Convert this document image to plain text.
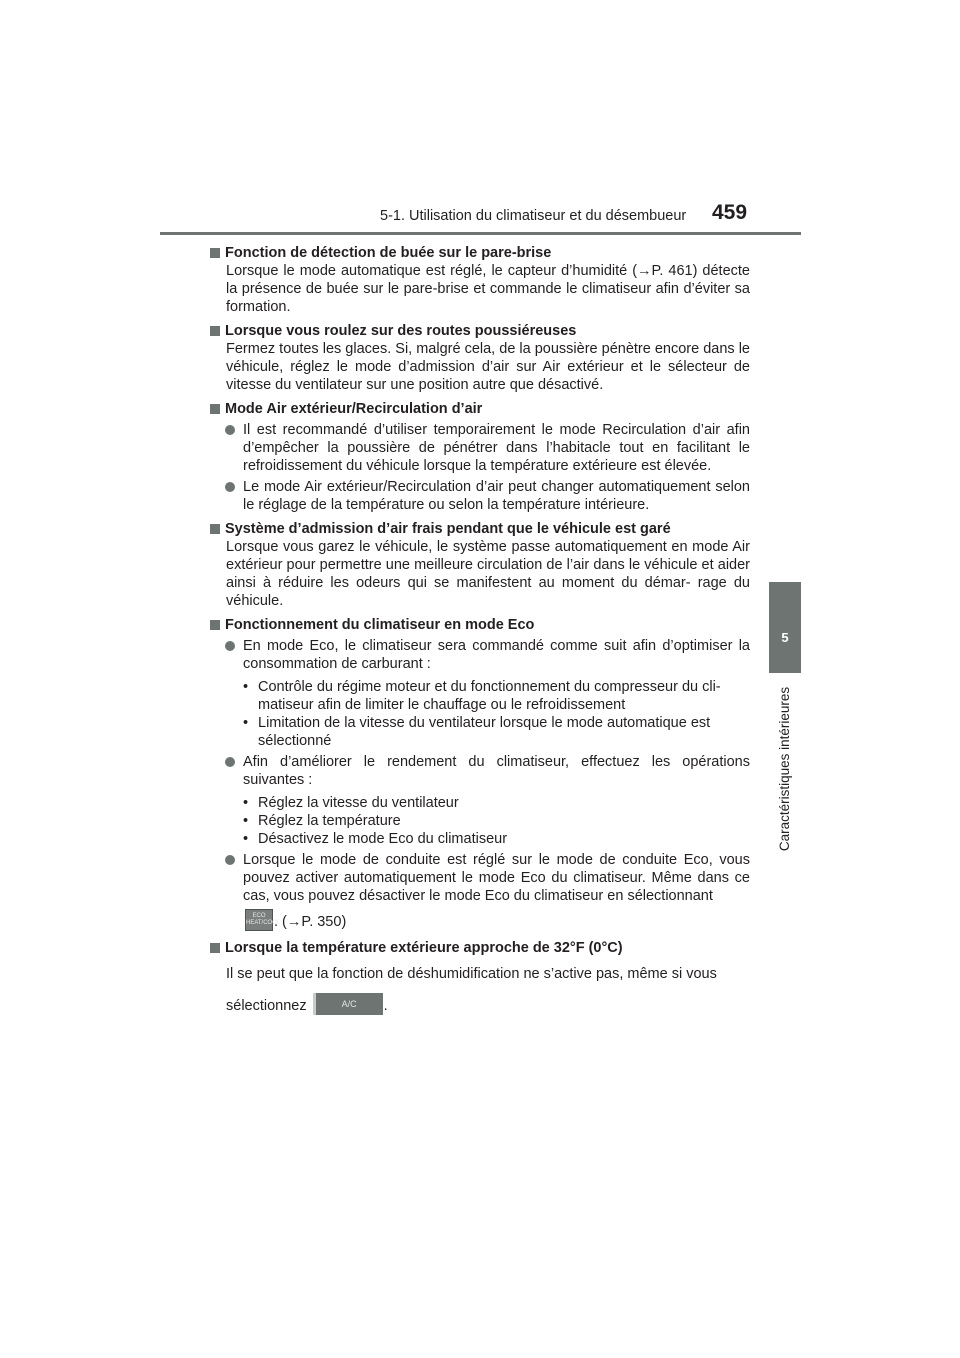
5-1. Utilisation du climatiseur et du désembueur 459
5
Caractéristiques intérieures
Fonction de détection de buée sur le pare-brise
Lorsque le mode automatique est réglé, le capteur d’humidité (→P. 461) détecte la présence de buée sur le pare-brise et commande le climatiseur afin d’éviter sa formation.
Lorsque vous roulez sur des routes poussiéreuses
Fermez toutes les glaces. Si, malgré cela, de la poussière pénètre encore dans le véhicule, réglez le mode d’admission d’air sur Air extérieur et le sélecteur de vitesse du ventilateur sur une position autre que désactivé.
Mode Air extérieur/Recirculation d’air
Il est recommandé d’utiliser temporairement le mode Recirculation d’air afin d’empêcher la poussière de pénétrer dans l’habitacle tout en facilitant le refroidissement du véhicule lorsque la température extérieure est élevée.
Le mode Air extérieur/Recirculation d’air peut changer automatiquement selon le réglage de la température ou selon la température intérieure.
Système d’admission d’air frais pendant que le véhicule est garé
Lorsque vous garez le véhicule, le système passe automatiquement en mode Air extérieur pour permettre une meilleure circulation de l’air dans le véhicule et aider ainsi à réduire les odeurs qui se manifestent au moment du démar- rage du véhicule.
Fonctionnement du climatiseur en mode Eco
En mode Eco, le climatiseur sera commandé comme suit afin d’optimiser la consommation de carburant :
• Contrôle du régime moteur et du fonctionnement du compresseur du cli- matiseur afin de limiter le chauffage ou le refroidissement
• Limitation de la vitesse du ventilateur lorsque le mode automatique est sélectionné
Afin d’améliorer le rendement du climatiseur, effectuez les opérations suivantes :
• Réglez la vitesse du ventilateur
• Réglez la température
• Désactivez le mode Eco du climatiseur
Lorsque le mode de conduite est réglé sur le mode de conduite Eco, vous pouvez activer automatiquement le mode Eco du climatiseur. Même dans ce cas, vous pouvez désactiver le mode Eco du climatiseur en sélectionnant
ECO
HEAT/COOL. (→P. 350)
Lorsque la température extérieure approche de 32°F (0°C)

Il se peut que la fonction de déshumidification ne s’active pas, même si vous

sélectionnez	A/C .
